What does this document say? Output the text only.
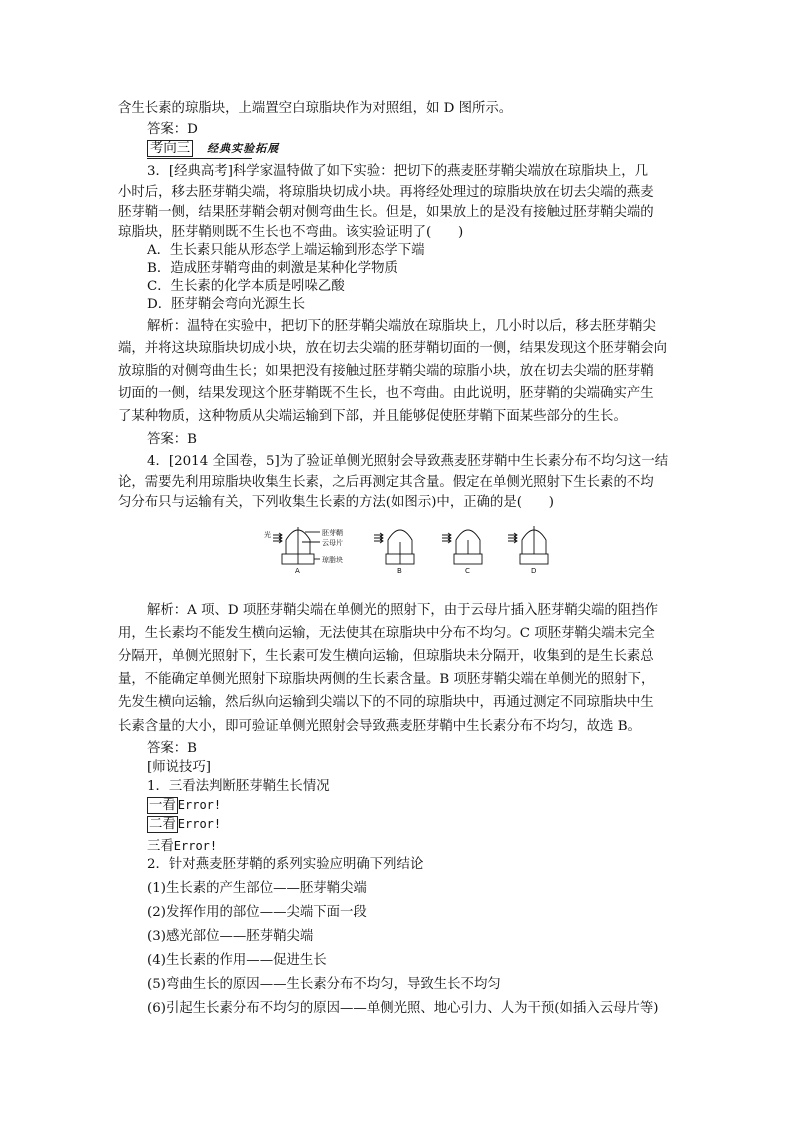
含生长素的琼脂块，上端置空白琼脂块作为对照组，如 D 图所示。
答案：D
考向三 经典实验拓展
3．[经典高考]科学家温特做了如下实验：把切下的燕麦胚芽鞘尖端放在琼脂块上，几
小时后，移去胚芽鞘尖端，将琼脂块切成小块。再将经处理过的琼脂块放在切去尖端的燕麦
胚芽鞘一侧，结果胚芽鞘会朝对侧弯曲生长。但是，如果放上的是没有接触过胚芽鞘尖端的
琼脂块，胚芽鞘则既不生长也不弯曲。该实验证明了(　　)
A．生长素只能从形态学上端运输到形态学下端
B．造成胚芽鞘弯曲的刺激是某种化学物质
C．生长素的化学本质是吲哚乙酸
D．胚芽鞘会弯向光源生长
解析：温特在实验中，把切下的胚芽鞘尖端放在琼脂块上，几小时以后，移去胚芽鞘尖
端，并将这块琼脂块切成小块，放在切去尖端的胚芽鞘切面的一侧，结果发现这个胚芽鞘会向
放琼脂的对侧弯曲生长；如果把没有接触过胚芽鞘尖端的琼脂小块，放在切去尖端的胚芽鞘
切面的一侧，结果发现这个胚芽鞘既不生长，也不弯曲。由此说明，胚芽鞘的尖端确实产生
了某种物质，这种物质从尖端运输到下部，并且能够促使胚芽鞘下面某些部分的生长。
答案：B
4．[2014 全国卷，5]为了验证单侧光照射会导致燕麦胚芽鞘中生长素分布不均匀这一结
论，需要先利用琼脂块收集生长素，之后再测定其含量。假定在单侧光照射下生长素的不均
匀分布只与运输有关，下列收集生长素的方法(如图示)中，正确的是(　　)
光	胚芽鞘
云母片
琼脂块
A	B	C	D
解析：A 项、D 项胚芽鞘尖端在单侧光的照射下，由于云母片插入胚芽鞘尖端的阻挡作
用，生长素均不能发生横向运输，无法使其在琼脂块中分布不均匀。C 项胚芽鞘尖端未完全
分隔开，单侧光照射下，生长素可发生横向运输，但琼脂块未分隔开，收集到的是生长素总
量，不能确定单侧光照射下琼脂块两侧的生长素含量。B 项胚芽鞘尖端在单侧光的照射下，
先发生横向运输，然后纵向运输到尖端以下的不同的琼脂块中，再通过测定不同琼脂块中生
长素含量的大小，即可验证单侧光照射会导致燕麦胚芽鞘中生长素分布不均匀，故选 B。
答案：B
[师说技巧]
1．三看法判断胚芽鞘生长情况
一看 Error!
二看 Error!
三看Error!
2．针对燕麦胚芽鞘的系列实验应明确下列结论
(1)生长素的产生部位——胚芽鞘尖端
(2)发挥作用的部位——尖端下面一段
(3)感光部位——胚芽鞘尖端
(4)生长素的作用——促进生长
(5)弯曲生长的原因——生长素分布不均匀，导致生长不均匀
(6)引起生长素分布不均匀的原因——单侧光照、地心引力、人为干预(如插入云母片等)
